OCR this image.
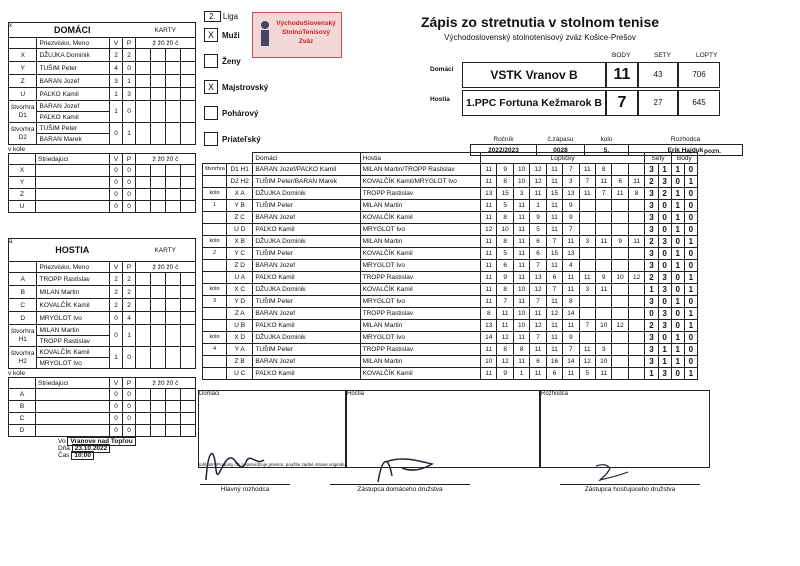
x	DOMÁCI				KARTY			
	Priezvisko, Meno	V	P	ž ž0 ž0 č			
X	DŽUJKA Dominik	2	2				
Y	TUŠIM Peter	4	0				
Z	BARAN Jozef	3	1				
U	PAĽKO Kamil	1	3				
štvorhra D1	BARAN Jozef	1	0				
	PAĽKO Kamil						
štvorhra D2	TUŠIM Peter	0	1				
	BARAN Marek						
v kole
	Striedajúci	V	P	ž ž0 ž0 č			
X		0	0				
Y		0	0				
Z		0	0				
U		0	0				
a
HOSTIA				KARTY			
	Priezvisko, Meno	V	P	ž ž0 ž0 č			
A	TROPP Rastislav	2	2				
B	MILAN Martin	2	2				
C	KOVALČÍK Kamil	2	2				
D	MRYGLOT Ivo	0	4				
štvorhra H1	MILAN Martin	0	1				
	TROPP Rastislav						
štvorhra H2	KOVALČÍK Kamil	1	0				
	MRYGLOT Ivo						
v kole
	Striedajúci	V	P	ž ž0 ž0 č			
A		0	0				
B		0	0				
C		0	0				
D		0	0				
Vo Vranove nad Topľou
Dňa 23.10.2022
Čas 10:00
2. Liga
X	Muži
Ženy
X	Majstrovský
Pohárový
Priateľský
VýchodoSlovenský
StolnoTenisový
Zväz
Zápis zo stretnutia v stolnom tenise
Východoslovenský stolnotenisový zväz Košice-Prešov
BODY	SETY	LOPTY
Domáci	VSTK Vranov B	11	43	706
Hostia	1.PPC Fortuna Kežmarok B 7	27	645
Ročník	č.zápasu	kolo	Rozhodca
2022/2023	0028	5.	Erik Hajduk pozn.
		Domáci	Hostia	Loptičky										Sety		Body	
štvorhra	D1 H1	BARAN Jozef/PAĽKO Kamil	MILAN Martin/TROPP Rastislav	11	9	10	12	11	7	11	8			3	1	1	0
	D2 H2	TUŠIM Peter/BARAN Marek	KOVALČÍK Kamil/MRYGLOT Ivo	11	8	10	12	11	3	7	11	6	11	2	3	0	1
kolo	X A	DŽUJKA Dominik	TROPP Rastislav	13	15	3	11	15	13	11	7	11	8	3	2	1	0
1	Y B	TUŠIM Peter	MILAN Martin	11	5	11	1	11	9					3	0	1	0
	Z C	BARAN Jozef	KOVALČÍK Kamil	11	8	11	9	11	9					3	0	1	0
	U D	PAĽKO Kamil	MRYGLOT Ivo	12	10	11	5	11	7					3	0	1	0
kolo	X B	DŽUJKA Dominik	MILAN Martin	11	8	11	6	7	11	3	11	9	11	2	3	0	1
2	Y C	TUŠIM Peter	KOVALČÍK Kamil	11	5	11	6	15	13					3	0	1	0
	Z D	BARAN Jozef	MRYGLOT Ivo	11	6	11	7	11	4					3	0	1	0
	U A	PAĽKO Kamil	TROPP Rastislav	11	9	11	13	6	11	11	9	10	12	2	3	0	1
kolo	X C	DŽUJKA Dominik	KOVALČÍK Kamil	11	8	10	12	7	11	3	11			1	3	0	1
3	Y D	TUŠIM Peter	MRYGLOT Ivo	11	7	11	7	11	8					3	0	1	0
	Z A	BARAN Jozef	TROPP Rastislav	8	11	10	11	12	14					0	3	0	1
	U B	PAĽKO Kamil	MILAN Martin	13	11	10	12	11	11	7	10	12		2	3	0	1
kolo	X D	DŽUJKA Dominik	MRYGLOT Ivo	14	12	11	7	11	9					3	0	1	0
4	Y A	TUŠIM Peter	TROPP Rastislav	11	8	8	11	11	7	11	3			3	1	1	0
	Z B	BARAN Jozef	MILAN Martin	10	12	11	6	16	14	12	10			3	1	1	0
	U C	PAĽKO Kamil	KOVALČÍK Kamil	11	9	1	11	6	11	5	11			1	3	0	1
Domáci	Hostia	Rozhodca
súhlasím/Podpisy čtk nepotvrdzuje priestor, použite zadné strane originálu
Hlavný rozhodca	Zástupca domáceho družstva	Zástupca hosťujúceho družstva
